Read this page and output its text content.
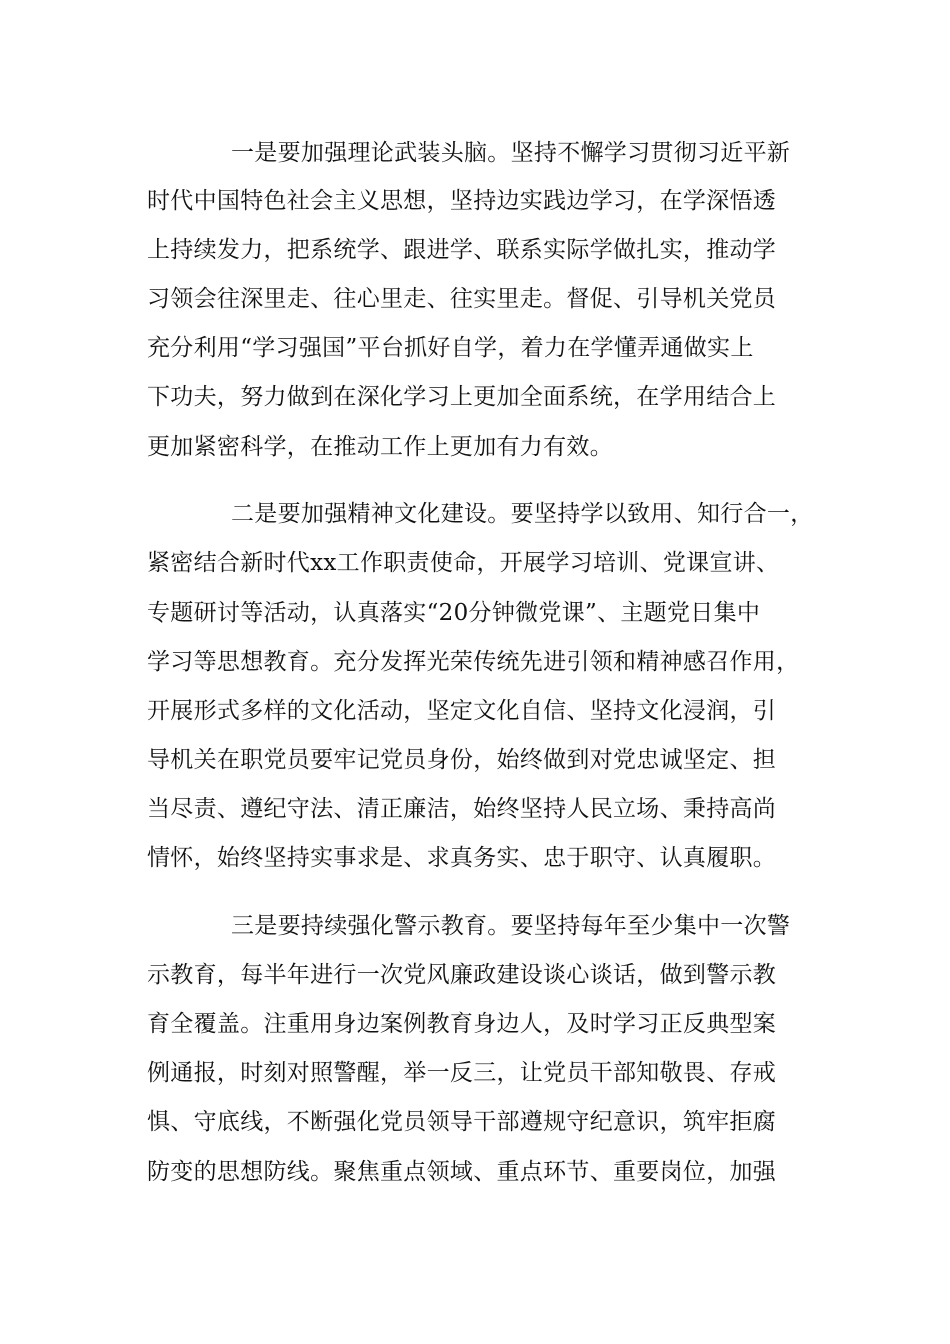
一是要加强理论武装头脑。坚持不懈学习贯彻习近平新
时代中国特色社会主义思想，坚持边实践边学习，在学深悟透
上持续发力，把系统学、跟进学、联系实际学做扎实，推动学
习领会往深里走、往心里走、往实里走。督促、引导机关党员
充分利用“学习强国”平台抓好自学，着力在学懂弄通做实上
下功夫，努力做到在深化学习上更加全面系统，在学用结合上
更加紧密科学，在推动工作上更加有力有效。
二是要加强精神文化建设。要坚持学以致用、知行合一，
紧密结合新时代xx工作职责使命，开展学习培训、党课宣讲、
专题研讨等活动，认真落实“20分钟微党课”、主题党日集中
学习等思想教育。充分发挥光荣传统先进引领和精神感召作用，
开展形式多样的文化活动，坚定文化自信、坚持文化浸润，引
导机关在职党员要牢记党员身份，始终做到对党忠诚坚定、担
当尽责、遵纪守法、清正廉洁，始终坚持人民立场、秉持高尚
情怀，始终坚持实事求是、求真务实、忠于职守、认真履职。
三是要持续强化警示教育。要坚持每年至少集中一次警
示教育，每半年进行一次党风廉政建设谈心谈话，做到警示教
育全覆盖。注重用身边案例教育身边人，及时学习正反典型案
例通报，时刻对照警醒，举一反三，让党员干部知敬畏、存戒
惧、守底线，不断强化党员领导干部遵规守纪意识，筑牢拒腐
防变的思想防线。聚焦重点领域、重点环节、重要岗位，加强
